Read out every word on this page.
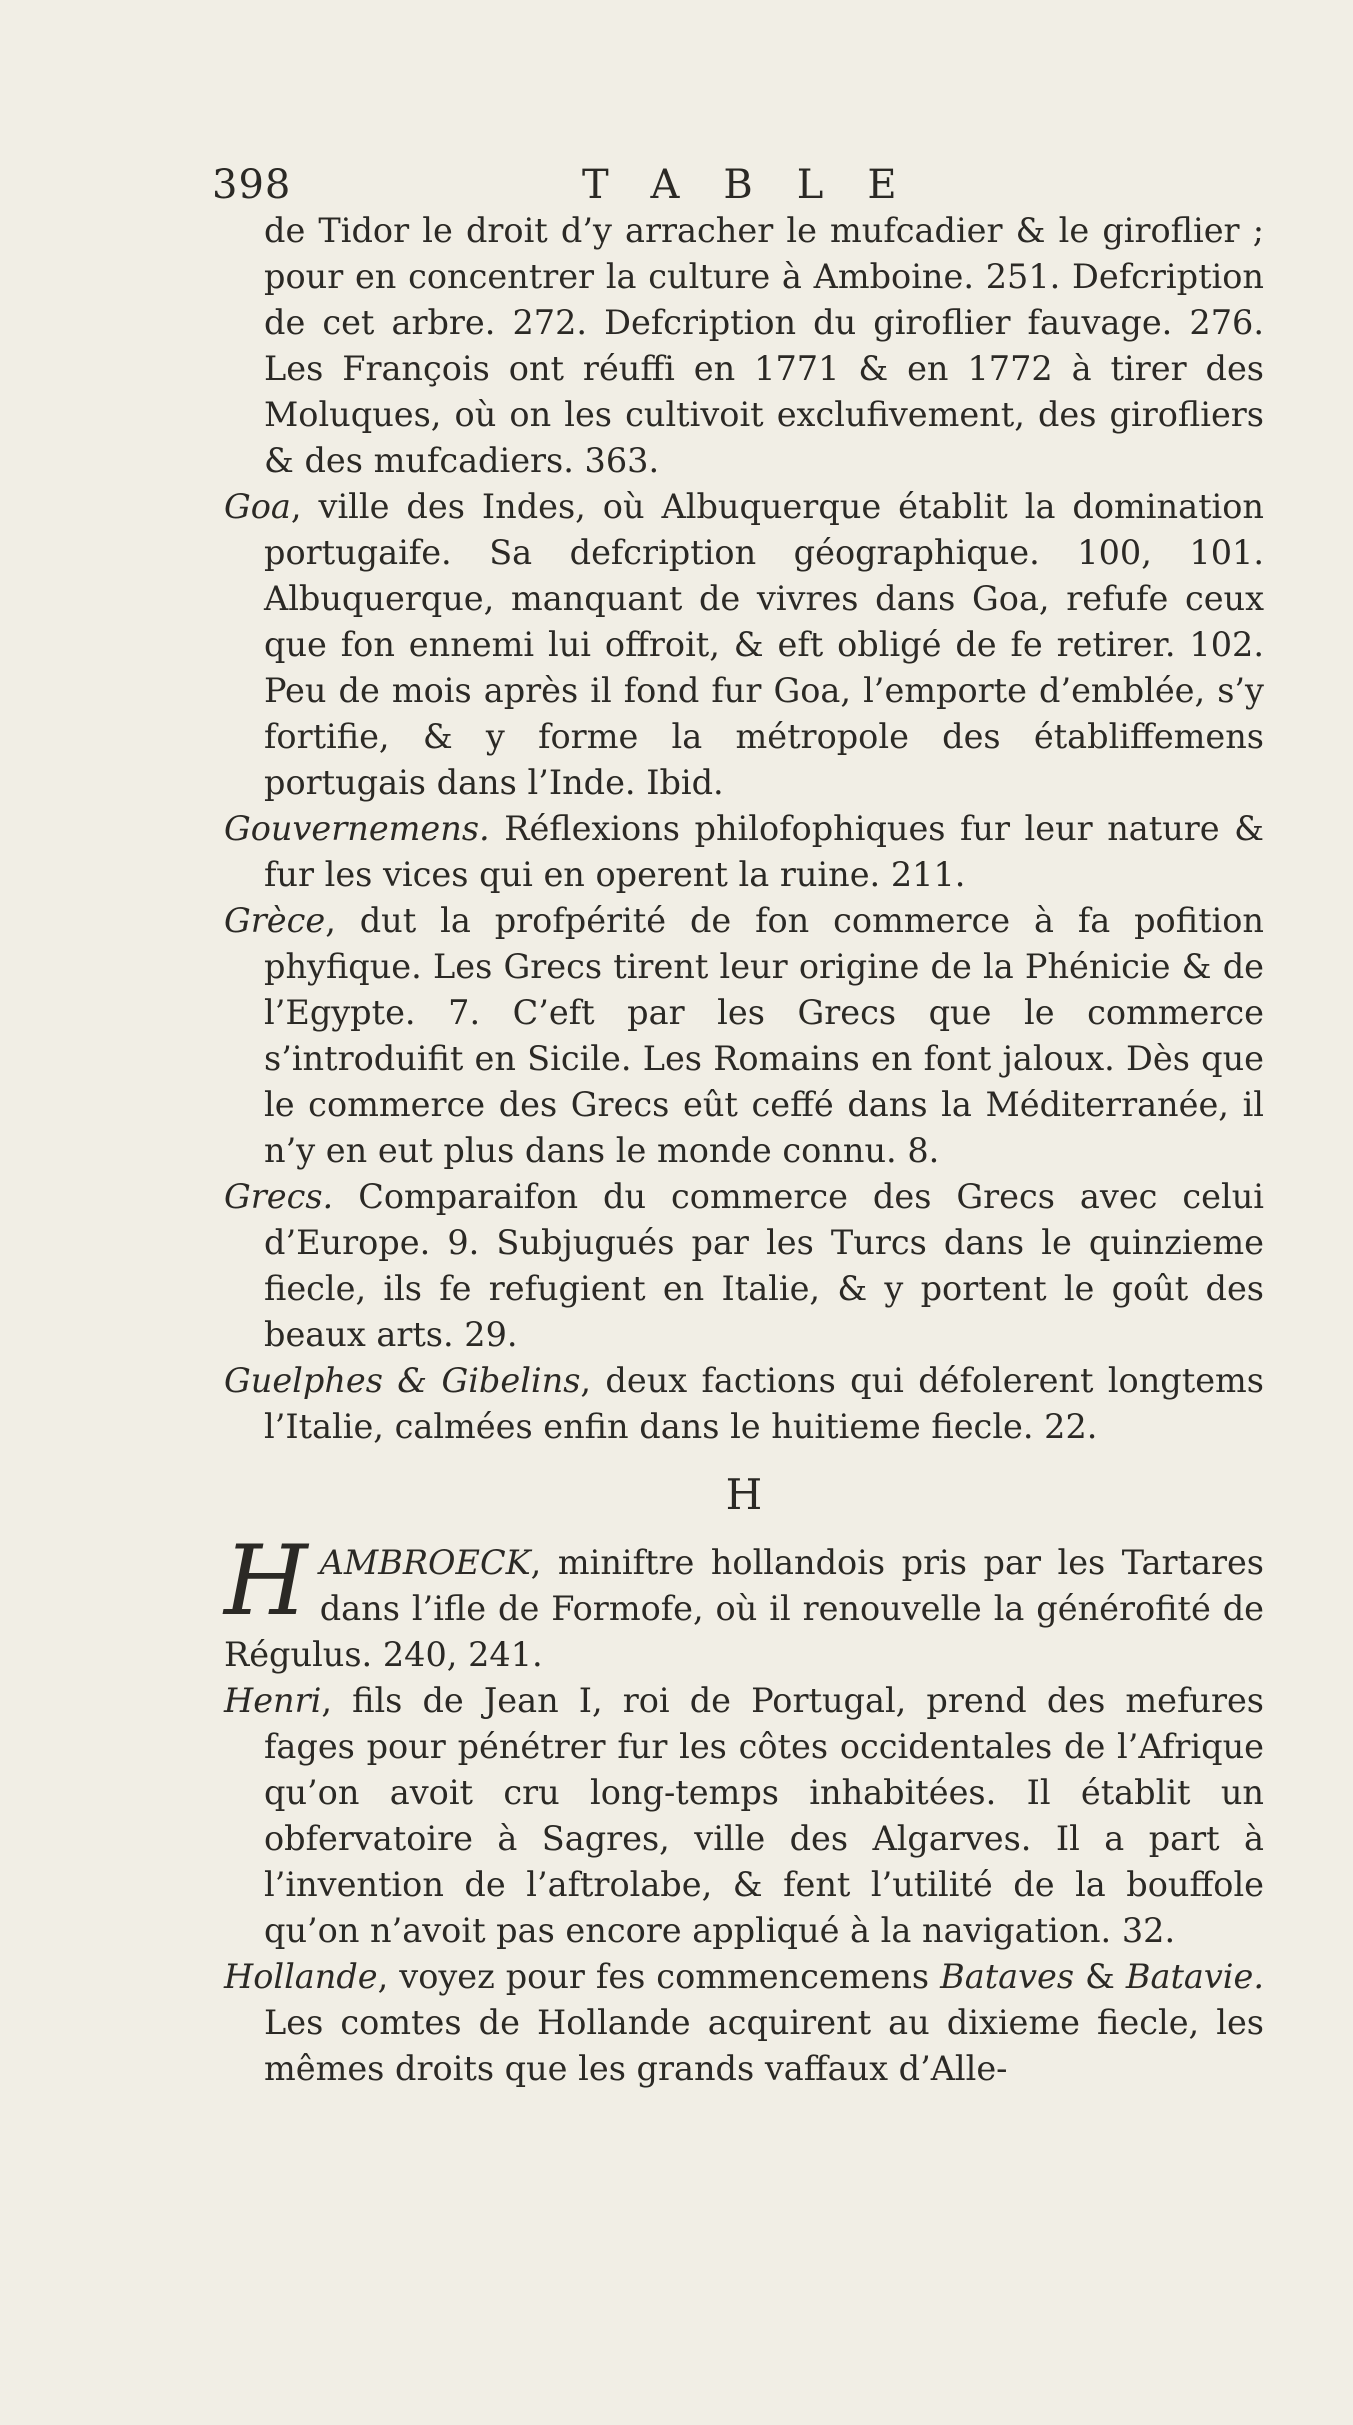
398	TABLE

de Tidor le droit d’y arracher le mufcadier & le giroflier ; pour en concentrer la culture à Amboine. 251. Defcription de cet arbre. 272. Defcription du giroflier fauvage. 276. Les François ont réuffi en 1771 & en 1772 à tirer des Moluques, où on les cultivoit exclufivement, des girofliers & des mufcadiers. 363.

Goa, ville des Indes, où Albuquerque établit la domination portugaife. Sa defcription géographique. 100, 101. Albuquerque, manquant de vivres dans Goa, refufe ceux que fon ennemi lui offroit, & eft obligé de fe retirer. 102. Peu de mois après il fond fur Goa, l’emporte d’emblée, s’y fortifie, & y forme la métropole des établiffemens portugais dans l’Inde. Ibid.

Gouvernemens. Réflexions philofophiques fur leur nature & fur les vices qui en operent la ruine. 211.

Grèce, dut la profpérité de fon commerce à fa pofition phyfique. Les Grecs tirent leur origine de la Phénicie & de l’Egypte. 7. C’eft par les Grecs que le commerce s’introduifit en Sicile. Les Romains en font jaloux. Dès que le commerce des Grecs eût ceffé dans la Méditerranée, il n’y en eut plus dans le monde connu. 8.

Grecs. Comparaifon du commerce des Grecs avec celui d’Europe. 9. Subjugués par les Turcs dans le quinzieme fiecle, ils fe refugient en Italie, & y portent le goût des beaux arts. 29.

Guelphes & Gibelins, deux factions qui défolerent longtems l’Italie, calmées enfin dans le huitieme fiecle. 22.

H

HAMBROECK, miniftre hollandois pris par les Tartares dans l’ifle de Formofe, où il renouvelle la générofité de Régulus. 240, 241.

Henri, fils de Jean I, roi de Portugal, prend des mefures fages pour pénétrer fur les côtes occidentales de l’Afrique qu’on avoit cru long-temps inhabitées. Il établit un obfervatoire à Sagres, ville des Algarves. Il a part à l’invention de l’aftrolabe, & fent l’utilité de la bouffole qu’on n’avoit pas encore appliqué à la navigation. 32.

Hollande, voyez pour fes commencemens Bataves & Batavie. Les comtes de Hollande acquirent au dixieme fiecle, les mêmes droits que les grands vaffaux d’Alle-
